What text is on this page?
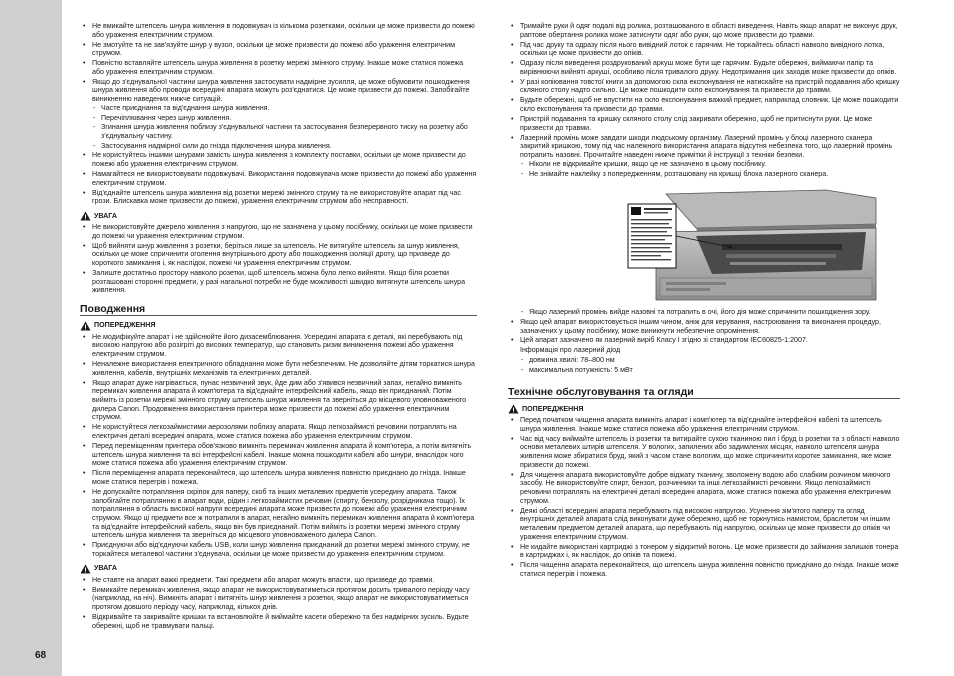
68
• Не вмикайте штепсель шнура живлення в подовжувач із кількома розетками, оскільки це може призвести до пожежі або ураження електричним струмом.
• Не змотуйте та не зав'язуйте шнур у вузол, оскільки це може призвести до пожежі або ураження електричним струмом.
• Повністю вставляйте штепсель шнура живлення в розетку мережі змінного струму. Інакше може статися пожежа або ураження електричним струмом.
• Якщо до з'єднувальної частини шнура живлення застосувати надмірне зусилля, це може обумовити пошкодження шнура живлення або проводи всередині апарата можуть роз'єднатися. Це може призвести до пожежі. Запобігайте виникненню наведених нижче ситуацій.
- Часте приєднання та від'єднання шнура живлення.
- Перечіплювання через шнур живлення.
- Згинання шнура живлення поблизу з'єднувальної частини та застосування безперервного тиску на розетку або з'єднувальну частину.
- Застосування надмірної сили до гнізда підключення шнура живлення.
• Не користуйтесь іншими шнурами замість шнура живлення з комплекту поставки, оскільки це може призвести до пожежі або ураження електричним струмом.
• Намагайтеся не використовувати подовжувачі. Використання подовжувача може призвести до пожежі або ураження електричним струмом.
• Від'єднайте штепсель шнура живлення від розетки мережі змінного струму та не використовуйте апарат під час грози. Блискавка може призвести до пожежі, ураження електричним струмом або несправності.
УВАГА
• Не використовуйте джерело живлення з напругою, що не зазначена у цьому посібнику, оскільки це може призвести до пожежі чи ураження електричним струмом.
• Щоб вийняти шнур живлення з розетки, беріться лише за штепсель. Не витягуйте штепсель за шнур живлення, оскільки це може спричинити оголення внутрішнього дроту або пошкодження ізоляції дроту, що призведе до короткого замикання і, як наслідок, пожежі чи ураження електричним струмом.
• Залиште достатньо простору навколо розетки, щоб штепсель можна було легко вийняти. Якщо біля розетки розташовані сторонні предмети, у разі нагальної потреби не буде можливості швидко витягнути штепсель шнура живлення.
Поводження
ПОПЕРЕДЖЕННЯ
• Не модифікуйте апарат і не здійснюйте його дизасемблювання. Усередині апарата є деталі, які перебувають під високою напругою або розігріті до високих температур, що становить ризик виникнення пожежі або ураження електричним струмом.
• Неналежне використання електричного обладнання може бути небезпечним. Не дозволяйте дітям торкатися шнура живлення, кабелів, внутрішніх механізмів та електричних деталей.
• Якщо апарат дуже нагрівається, пунас незвичний звук, йде дим або з'явився незвичний запах, негайно вимкніть перемикач живлення апарата й комп'ютера та від'єднайте інтерфейсний кабель, якщо він приєднаний. Потім вийміть із розетки мережі змінного струму штепсель шнура живлення та зверніться до місцевого уповноваженого дилера Canon. Продовження використання принтера може призвести до пожежі або ураження електричним струмом.
• Не користуйтеся легкозаймистими аерозолями поблизу апарата. Якщо легкозаймисті речовини потраплять на електричні деталі всередині апарата, може статися пожежа або ураження електричним струмом.
• Перед переміщенням принтера обов'язково вимкніть перемикач живлення апарата й комп'ютера, а потім витягніть штепсель шнура живлення та всі інтерфейсні кабелі. Інакше можна пошкодити кабелі або шнури, внаслідок чого може статися пожежа або ураження електричним струмом.
• Після переміщення апарата переконайтеся, що штепсель шнура живлення повністю приєднано до гнізда. Інакше може статися перегрів і пожежа.
• Не допускайте потрапляння скріпок для паперу, скоб та інших металевих предметів усередину апарата. Також запобігайте потраплянню в апарат води, рідин і легкозаймистих речовин (спирту, бензолу, розрідникача тощо). Їх потрапляння в область високої напруги всередині апарата може призвести до пожежі або ураження електричним струмом. Якщо ці предмети все ж потрапили в апарат, негайно вимкніть перемикач живлення апарата й комп'ютера та від'єднайте інтерфейсний кабель, якщо він був приєднаний. Потім вийміть із розетки мережі змінного струму штепсель шнура живлення та зверніться до місцевого уповноваженого дилера Canon.
• Приєднуючи або від'єднуючи кабель USB, коли шнур живлення приєднаний до розетки мережі змінного струму, не торкайтеся металевої частини з'єднувача, оскільки це може призвести до ураження електричним струмом.
УВАГА
• Не ставте на апарат важкі предмети. Такі предмети або апарат можуть впасти, що призведе до травми.
• Вимикайте перемикач живлення, якщо апарат не використовуватиметься протягом досить тривалого періоду часу (наприклад, на ніч). Вимкніть апарат і витягніть шнур живлення з розетки, якщо апарат не використовуватиметься протягом довшого періоду часу, наприклад, кількох днів.
• Відкривайте та закривайте кришки та встановлюйте й виймайте касети обережно та без надмірних зусиль. Будьте обережні, щоб не травмувати пальці.
• Тримайте руки й одяг подалі від ролика, розташованого в області виведення. Навіть якщо апарат не виконує друк, раптове обертання ролика може затиснути одяг або руки, що може призвести до травми.
• Під час друку та одразу після нього вивідний лоток є гарячим. Не торкайтесь області навколо вивідного лотка, оскільки це може призвести до опіків.
• Одразу після виведення роздрукований аркуш може бути ще гарячим. Будьте обережні, виймаючи папір та вирівнюючи вийняті аркуші, особливо після тривалого друку. Недотримання цих заходів може призвести до опіків.
• У разі копіювання товстої книги за допомогою скла експонування не натискайте на пристрій подавання або кришку скляного столу надто сильно. Це може пошкодити скло експонування та призвести до травми.
• Будьте обережні, щоб не впустити на скло експонування важкий предмет, наприклад словник. Це може пошкодити скло експонування та призвести до травми.
• Пристрій подавання та кришку скляного столу слід закривати обережно, щоб не притиснути руки. Це може призвести до травми.
• Лазерний промінь може завдати шкоди людському організму. Лазерний промінь у блоці лазерного сканера закритий кришкою, тому під час належного використання апарата відсутня небезпека того, що лазерний промінь потрапить назовні. Прочитайте наведені нижче примітки й інструкції з техніки безпеки.
- Ніколи не відкривайте кришки, якщо це не зазначено в цьому посібнику.
- Не знімайте наклейку з попередженням, розташовану на кришці блока лазерного сканера.
- Якщо лазерний промінь вийде назовні та потрапить в очі, його дія може спричинити пошкодження зору.
• Якщо цей апарат використовується іншим чином, аніж для керування, настроювання та виконання процедур, зазначених у цьому посібнику, може виникнути небезпечне опромінення.
• Цей апарат зазначено як лазерний виріб Класу І згідно зі стандартом IEC60825-1:2007.
Інформація про лазерний діод
- довжина хвилі: 78–800 нм
- максимальна потужність: 5 мВт
Технічне обслуговування та огляди
ПОПЕРЕДЖЕННЯ
• Перед початком чищення апарата вимкніть апарат і комп'ютер та від'єднайте інтерфейсні кабелі та штепсель шнура живлення. Інакше може статися пожежа або ураження електричним струмом.
• Час від часу виймайте штепсель із розетки та витирайте сухою тканиною пил і бруд із розетки та з області навколо основи металевих штирів штепселя. У вологих, запилених або задимлених місцях, навколо штепселя шнура живлення може збиратися бруд, який з часом стане вологим, що може спричинити коротке замикання, яке може призвести до пожежі.
• Для чищення апарата використовуйте добре віджату тканину, зволожену водою або слабким розчином миючого засобу. Не використовуйте спирт, бензол, розчинники та інші легкозаймисті речовини. Якщо легкозаймисті речовини потраплять на електричні деталі всередині апарата, може статися пожежа або ураження електричним струмом.
• Деякі області всередині апарата перебувають під високою напругою. Усунення зім'ятого паперу та огляд внутрішніх деталей апарата слід виконувати дуже обережно, щоб не торкнутись намистом, браслетом чи іншим металевим предметом деталей апарата, що перебувають під напругою, оскільки це може призвести до опіків чи ураження електричним струмом.
• Не кидайте використані картриджі з тонером у відкритий вогонь. Це може призвести до займання залишків тонера в картриджах і, як наслідок, до опіків та пожежі.
• Після чищення апарата переконайтеся, що штепсель шнура живлення повністю приєднано до гнізда. Інакше може статися перегрів і пожежа.
